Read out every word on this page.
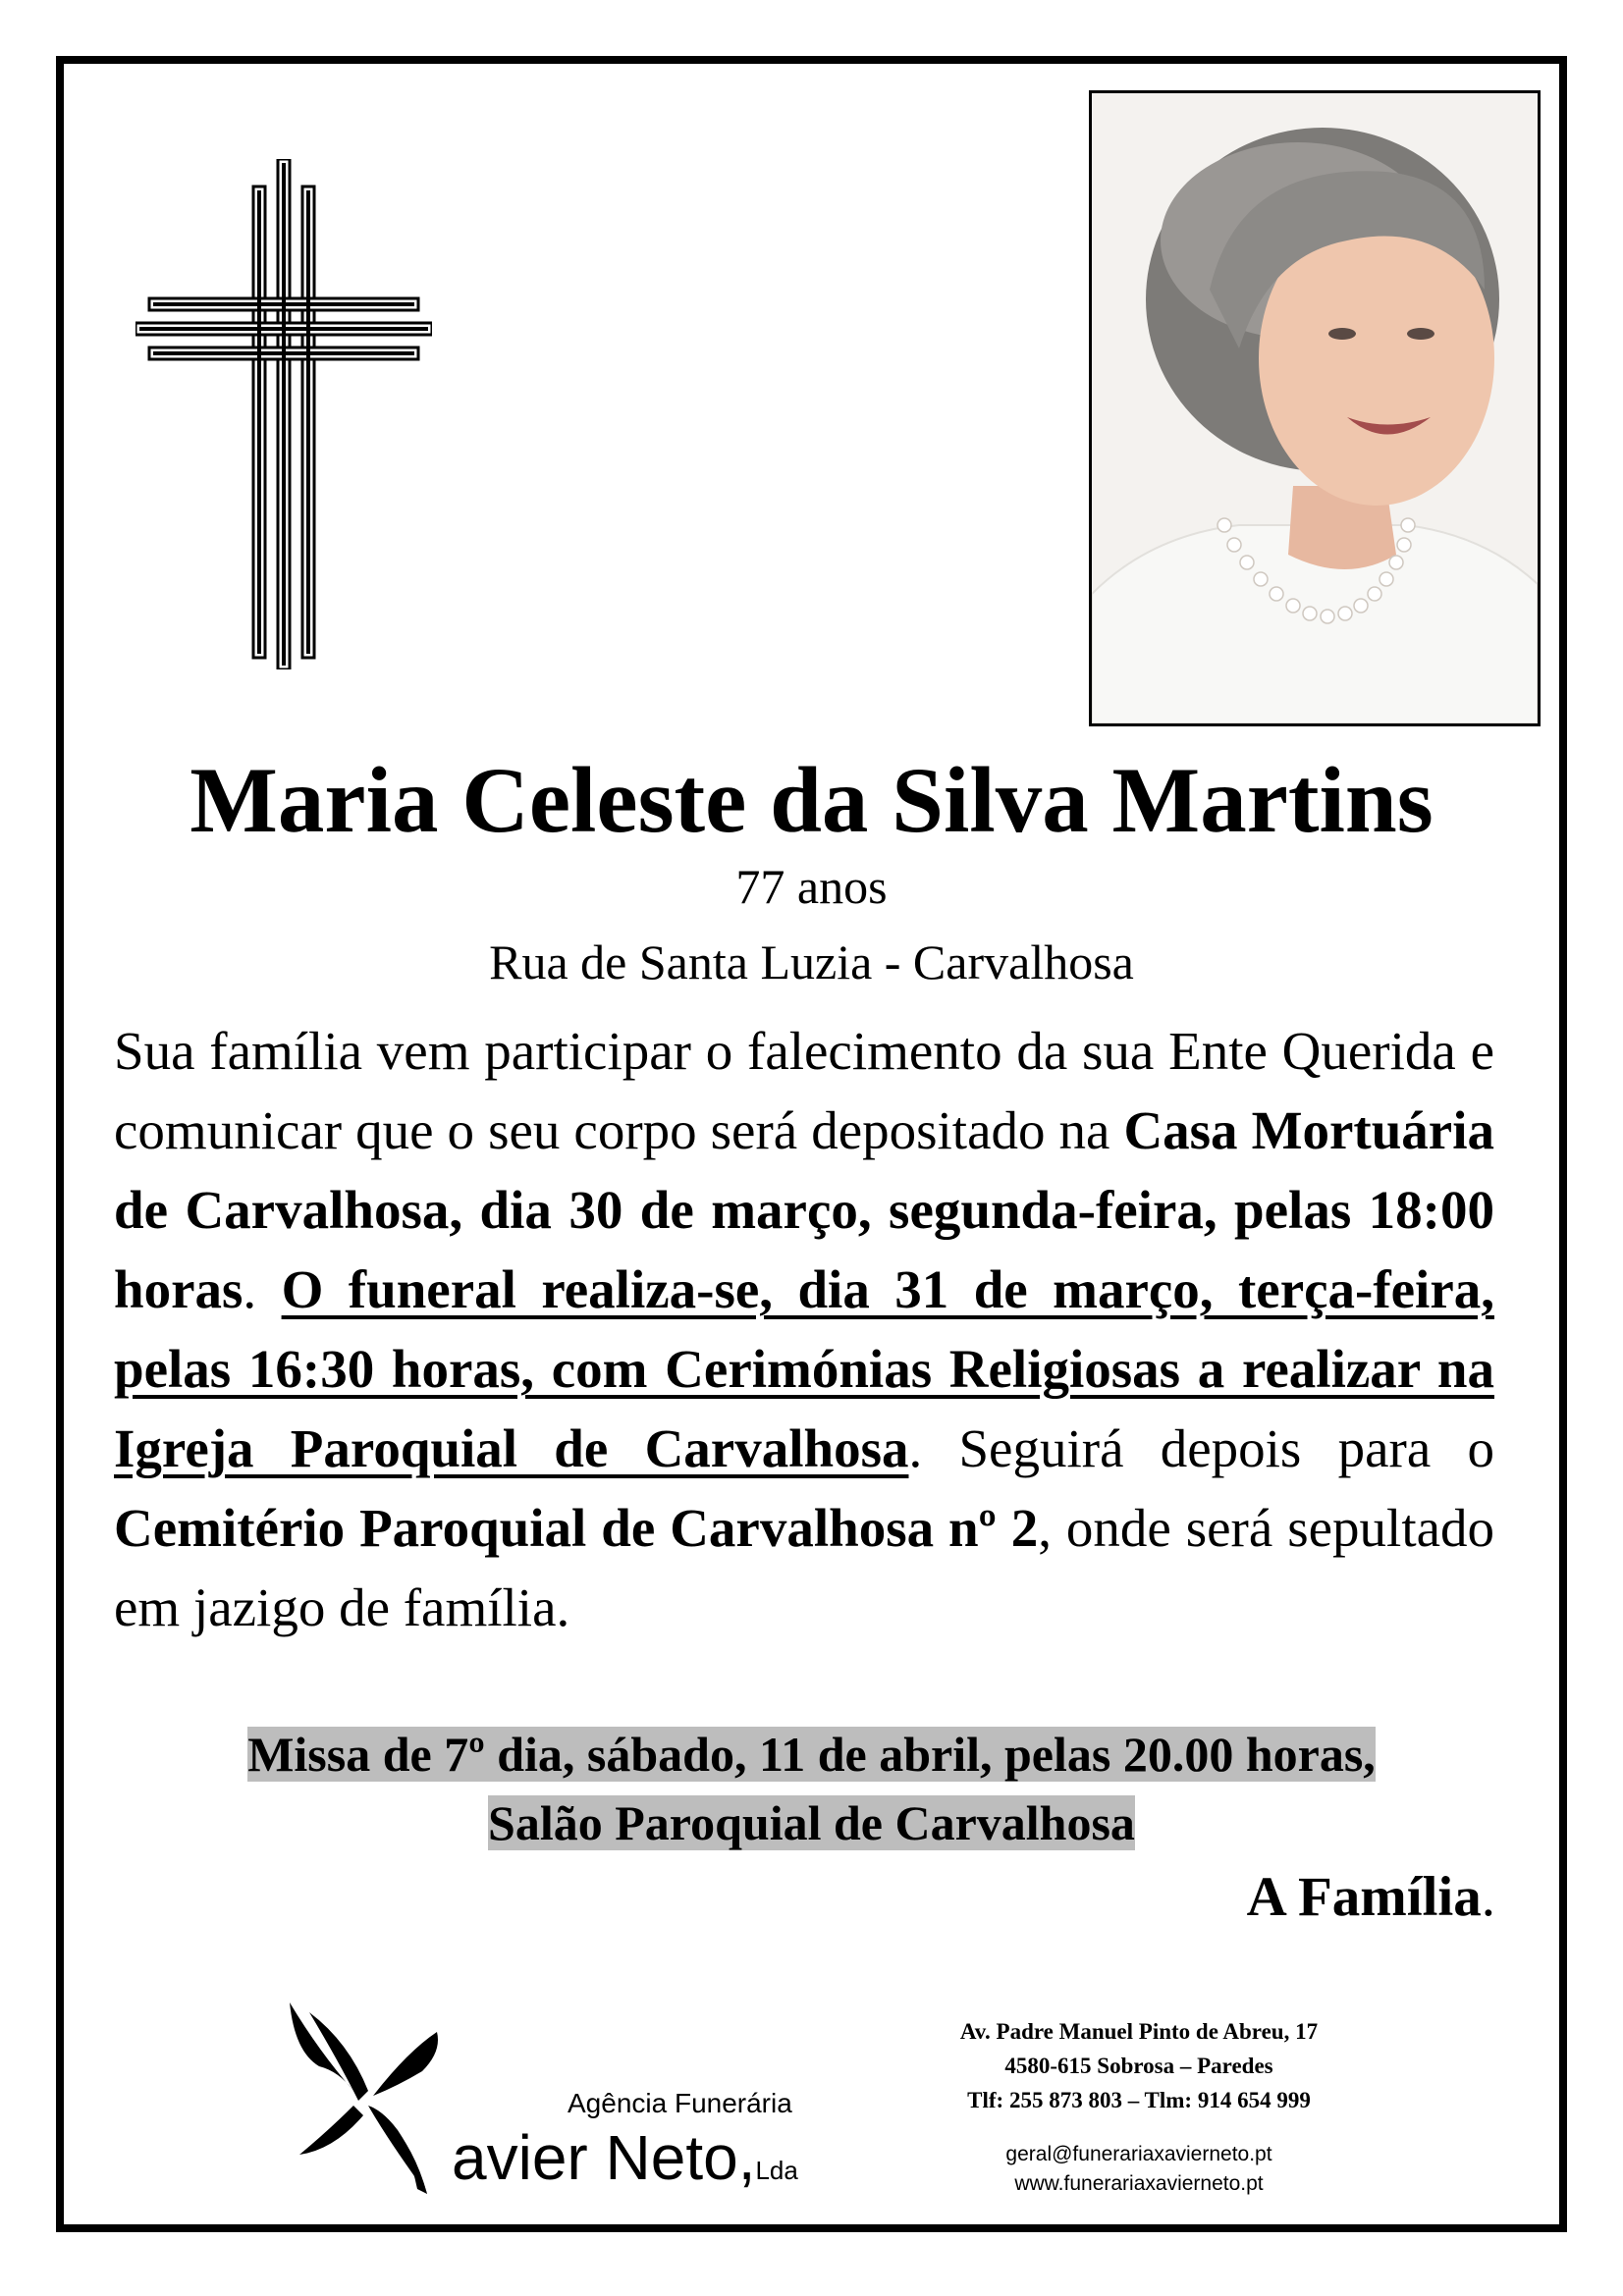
Maria Celeste da Silva Martins

77 anos

Rua de Santa Luzia - Carvalhosa

Sua família vem participar o falecimento da sua Ente Querida e comunicar que o seu corpo será depositado na Casa Mortuária de Carvalhosa, dia 30 de março, segunda-feira, pelas 18:00 horas. O funeral realiza-se, dia 31 de março, terça-feira, pelas 16:30 horas, com Cerimónias Religiosas a realizar na Igreja Paroquial de Carvalhosa. Seguirá depois para o Cemitério Paroquial de Carvalhosa nº 2, onde será sepultado em jazigo de família.

Missa de 7º dia, sábado, 11 de abril, pelas 20.00 horas,
Salão Paroquial de Carvalhosa

A Família.

Agência Funerária
avier Neto,Lda
Av. Padre Manuel Pinto de Abreu, 17
4580-615 Sobrosa – Paredes
Tlf: 255 873 803 – Tlm: 914 654 999
geral@funerariaxavierneto.pt
www.funerariaxavierneto.pt
